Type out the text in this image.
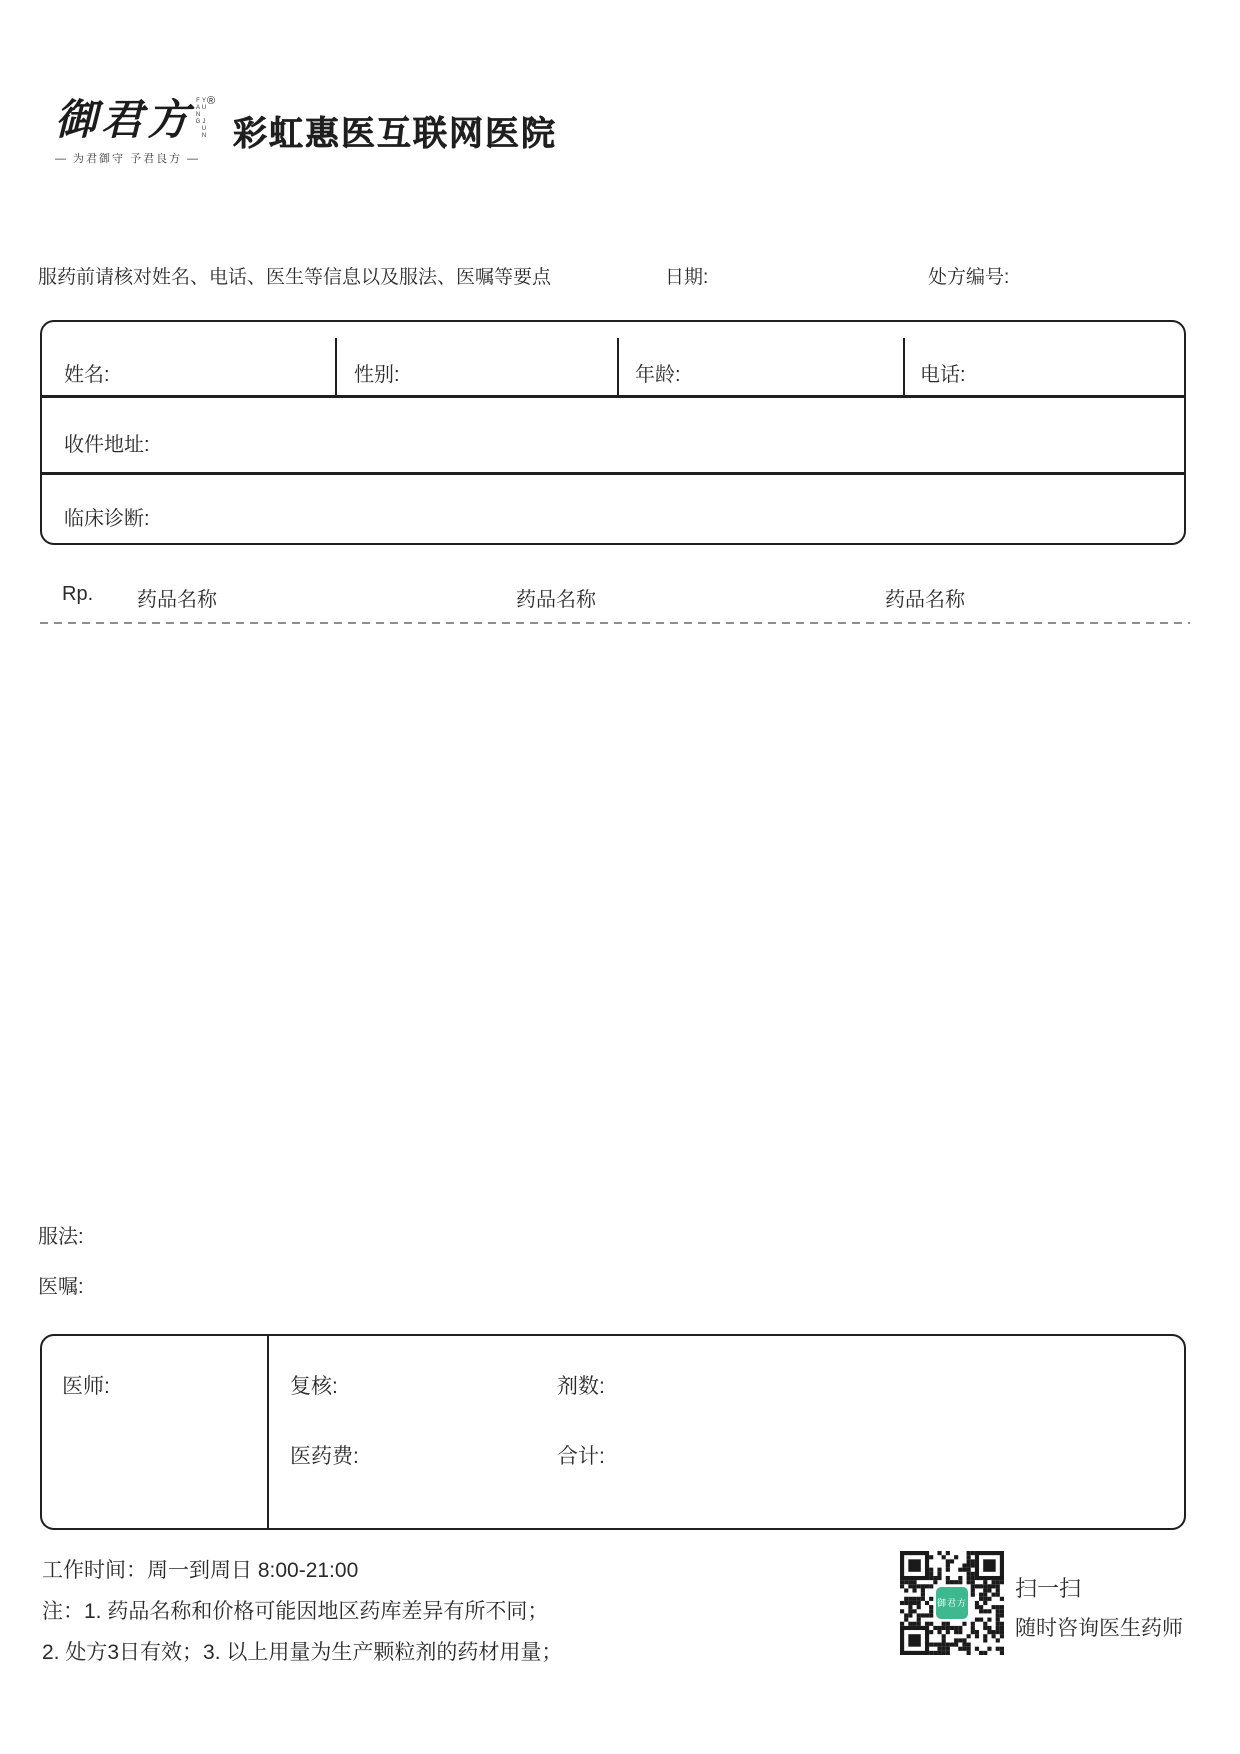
御君方	YU JUN FANG ®
— 为君御守 予君良方 —
彩虹惠医互联网医院
服药前请核对姓名、电话、医生等信息以及服法、医嘱等要点	日期:	处方编号:
姓名:	性别:	年龄:	电话:
收件地址:
临床诊断:
Rp. 药品名称	药品名称	药品名称
服法:
医嘱:
医师:	复核:	剂数:
医药费:	合计:
工作时间：周一到周日 8:00-21:00
注：1. 药品名称和价格可能因地区药库差异有所不同；
2. 处方3日有效；3. 以上用量为生产颗粒剂的药材用量；
御君方
扫一扫
随时咨询医生药师
